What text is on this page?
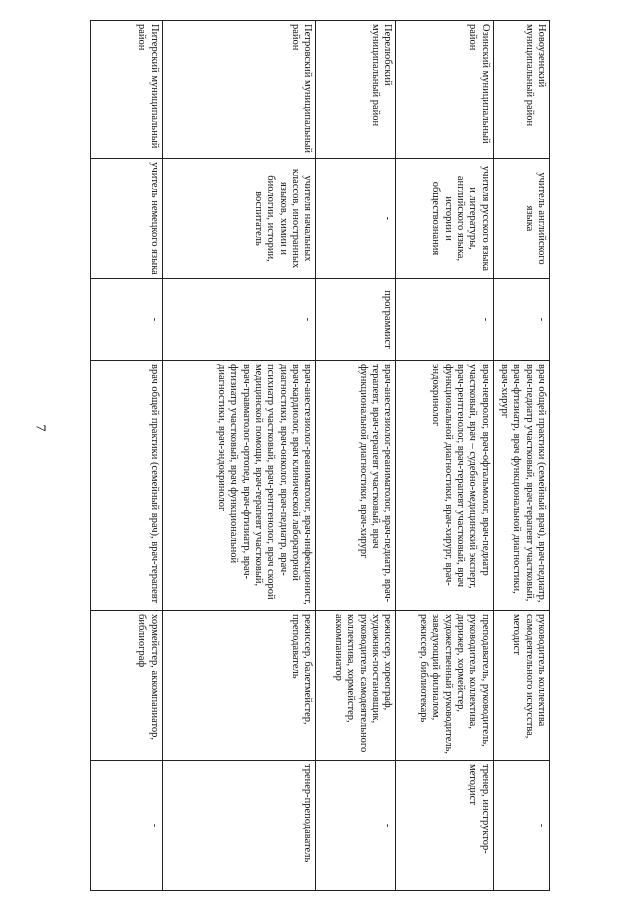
7
Новоузенский муниципальный район	учитель английского языка	-	врач общей практики (семейный врач), врач-педиатр, врач-педиатр участковый, врач-терапевт участковый, врач-фтизиатр, врач функциональной диагностики, врач-хирург	руководитель коллектива самодеятельного искусства, методист	-
Озинский муниципальный район	учителя русского языка и литературы, английского языка, истории и обществознания	-	врач-невролог, врач-офтальмолог, врач-педиатр участковый, врач – судебно-медицинский эксперт, врач-рентгенолог, врач-терапевт участковый, врач функциональной диагностики, врач-хирург, врач-эндокринолог	преподаватель, руководитель, руководитель коллектива, дирижер, хормейстер, художественный руководитель, заведующий филиалом, режиссер, библиотекарь	тренер, инструктор-методист
Перелюбский муниципальный район	-	программист	врач-анестезиолог-реаниматолог, врач-педиатр, врач-терапевт, врач-терапевт участковый, врач функциональной диагностики, врач-хирург	режиссер, хореограф, художник-постановщик, руководитель самодеятельного коллектива, хормейстер, аккомпаниатор	-
Петровский муниципальный район	учителя начальных классов, иностранных языков, химии и биологии, истории, воспитатель	-	врач-анестезиолог-реаниматолог, врач-инфекционист, врач-кардиолог, врач клинической лабораторной диагностики, врач-онколог, врач-педиатр, врач-психиатр участковый, врач-рентгенолог, врач скорой медицинской помощи, врач-терапевт участковый, врач-травматолог-ортопед, врач-фтизиатр, врач-фтизиатр участковый, врач функциональной диагностики, врач-эндокринолог	режиссер, балетмейстер, преподаватель	тренер-преподаватель
Питерский муниципальный район	учитель немецкого языка	-	врач общей практики (семейный врач), врач-терапевт	хормейстер, аккомпаниатор, библиограф	-
